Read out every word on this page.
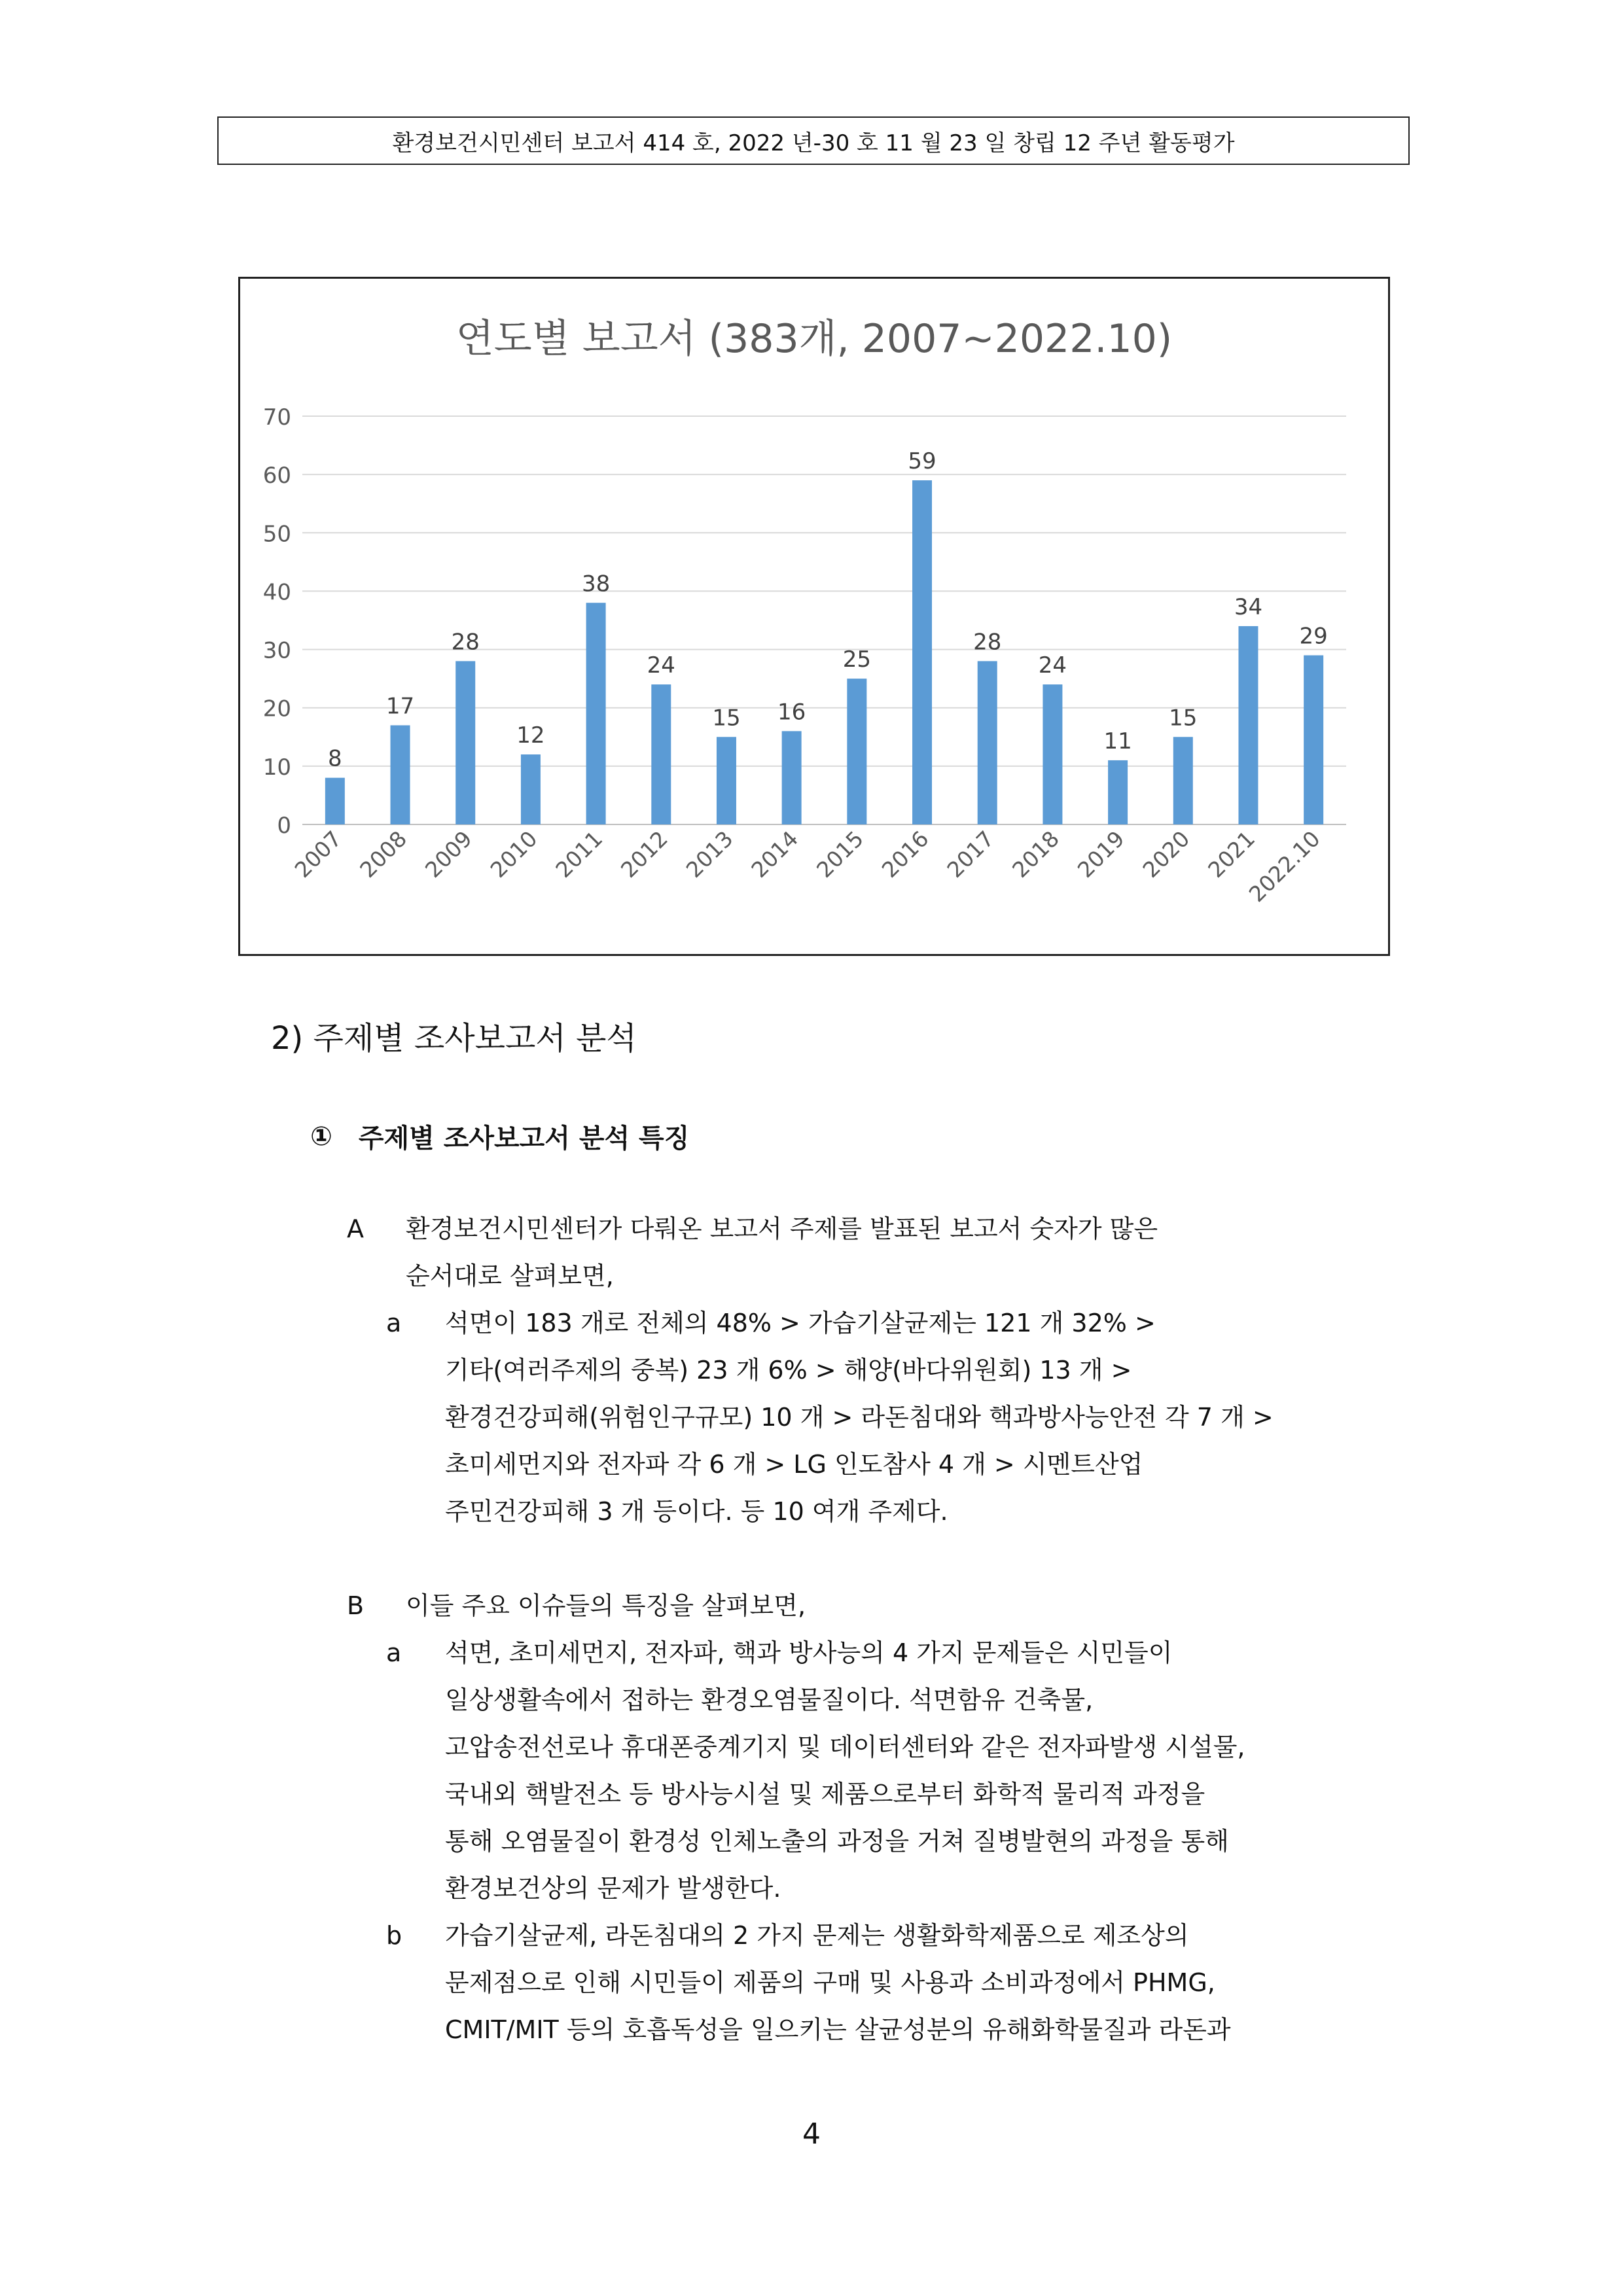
환경보건시민센터 보고서 414 호, 2022 년-30 호 11 월 23 일 창립 12 주년 활동평가
연도별 보고서 (383개, 2007~2022.10)
0
10
20
30
40
50
60
70
8
17
28
12
38
24
15 16
25
59
28
24
11
15
34
29
2007 2008 2009 2010 2011 2012 2013 2014 2015 2016 2017 2018 2019 2020 2021
2022.10
2) 주제별 조사보고서 분석
① 주제별 조사보고서 분석 특징
A 환경보건시민센터가 다뤄온 보고서 주제를 발표된 보고서 숫자가 많은
순서대로 살펴보면,
a 석면이 183 개로 전체의 48% > 가습기살균제는 121 개 32% >
기타(여러주제의 중복) 23 개 6% > 해양(바다위원회) 13 개 >
환경건강피해(위험인구규모) 10 개 > 라돈침대와 핵과방사능안전 각 7 개 >
초미세먼지와 전자파 각 6 개 > LG 인도참사 4 개 > 시멘트산업
주민건강피해 3 개 등이다. 등 10 여개 주제다.
B 이들 주요 이슈들의 특징을 살펴보면,
a 석면, 초미세먼지, 전자파, 핵과 방사능의 4 가지 문제들은 시민들이
일상생활속에서 접하는 환경오염물질이다. 석면함유 건축물,
고압송전선로나 휴대폰중계기지 및 데이터센터와 같은 전자파발생 시설물,
국내외 핵발전소 등 방사능시설 및 제품으로부터 화학적 물리적 과정을
통해 오염물질이 환경성 인체노출의 과정을 거쳐 질병발현의 과정을 통해
환경보건상의 문제가 발생한다.
b 가습기살균제, 라돈침대의 2 가지 문제는 생활화학제품으로 제조상의
문제점으로 인해 시민들이 제품의 구매 및 사용과 소비과정에서 PHMG,
CMIT/MIT 등의 호흡독성을 일으키는 살균성분의 유해화학물질과 라돈과
4
